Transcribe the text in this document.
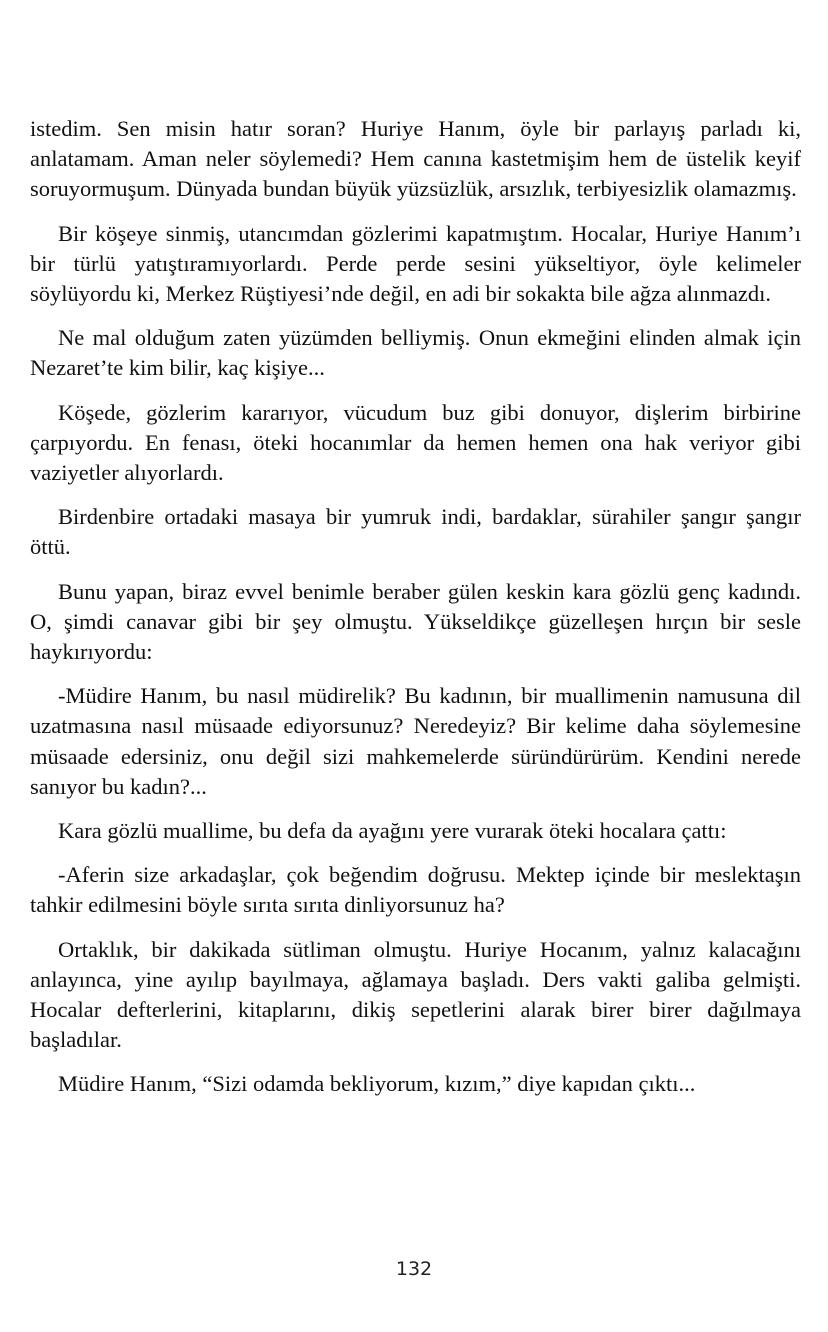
istedim. Sen misin hatır soran? Huriye Hanım, öyle bir parlayış parladı ki, anlatamam. Aman neler söylemedi? Hem canına kastetmişim hem de üstelik keyif soruyormuşum. Dünyada bundan büyük yüzsüzlük, arsızlık, terbiyesizlik olamazmış.

Bir köşeye sinmiş, utancımdan gözlerimi kapatmıştım. Hocalar, Huriye Hanım’ı bir türlü yatıştıramıyorlardı. Perde perde sesini yükseltiyor, öyle kelimeler söylüyordu ki, Merkez Rüştiyesi’nde değil, en adi bir sokakta bile ağza alınmazdı.

Ne mal olduğum zaten yüzümden belliymiş. Onun ekmeğini elinden almak için Nezaret’te kim bilir, kaç kişiye...

Köşede, gözlerim kararıyor, vücudum buz gibi donuyor, dişlerim birbirine çarpıyordu. En fenası, öteki hocanımlar da hemen hemen ona hak veriyor gibi vaziyetler alıyorlardı.

Birdenbire ortadaki masaya bir yumruk indi, bardaklar, sürahiler şangır şangır öttü.

Bunu yapan, biraz evvel benimle beraber gülen keskin kara gözlü genç kadındı. O, şimdi canavar gibi bir şey olmuştu. Yükseldikçe güzelleşen hırçın bir sesle haykırıyordu:

-Müdire Hanım, bu nasıl müdirelik? Bu kadının, bir muallimenin namusuna dil uzatmasına nasıl müsaade ediyorsunuz? Neredeyiz? Bir kelime daha söylemesine müsaade edersiniz, onu değil sizi mahkemelerde süründürürüm. Kendini nerede sanıyor bu kadın?...

Kara gözlü muallime, bu defa da ayağını yere vurarak öteki hocalara çattı:

-Aferin size arkadaşlar, çok beğendim doğrusu. Mektep içinde bir meslektaşın tahkir edilmesini böyle sırıta sırıta dinliyorsunuz ha?

Ortaklık, bir dakikada sütliman olmuştu. Huriye Hocanım, yalnız kalacağını anlayınca, yine ayılıp bayılmaya, ağlamaya başladı. Ders vakti galiba gelmişti. Hocalar defterlerini, kitaplarını, dikiş sepetlerini alarak birer birer dağılmaya başladılar.

Müdire Hanım, “Sizi odamda bekliyorum, kızım,” diye kapıdan çıktı...

132
